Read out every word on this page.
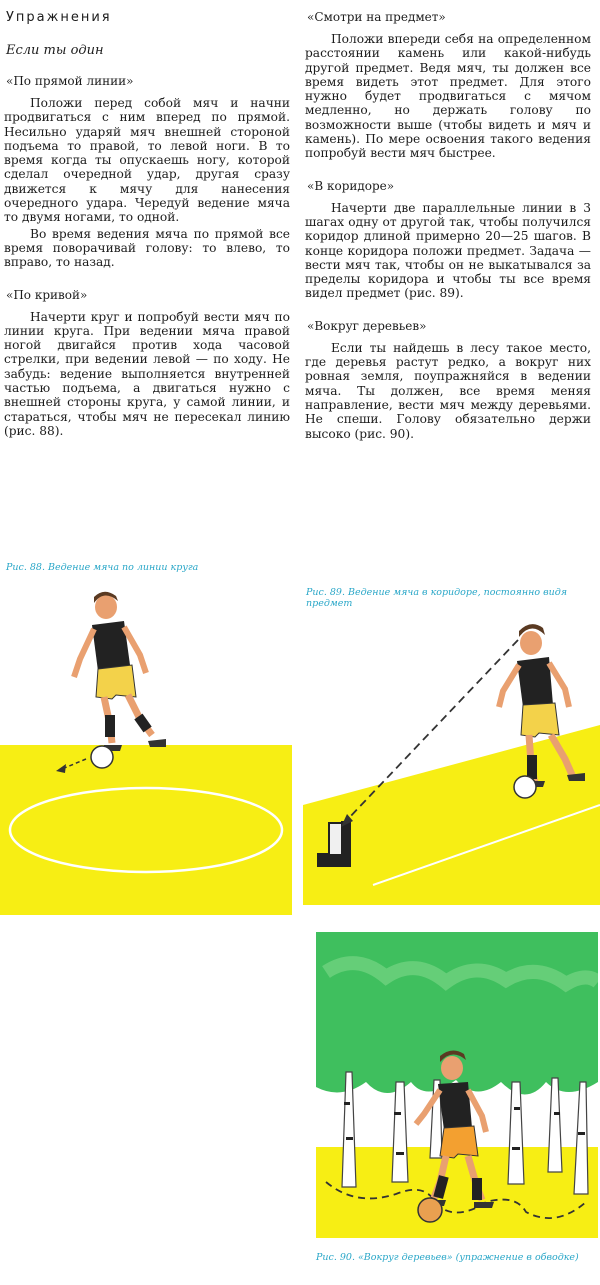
Упражнения
Если ты один
«По прямой линии»

Положи перед собой мяч и начни продвигаться с ним вперед по прямой. Несильно ударяй мяч внешней стороной подъема то правой, то левой ноги. В то время когда ты опускаешь ногу, которой сделал очередной удар, другая сразу движется к мячу для нанесения очередного удара. Чередуй ведение мяча то двумя ногами, то одной.

Во время ведения мяча по прямой все время поворачивай голову: то влево, то вправо, то назад.

«По кривой»

Начерти круг и попробуй вести мяч по линии круга. При ведении мяча правой ногой двигайся против хода часовой стрелки, при ведении левой — по ходу. Не забудь: ведение выполняется внутренней частью подъема, а двигаться нужно с внешней стороны круга, у самой линии, и стараться, чтобы мяч не пересекал линию (рис. 88).

«Смотри на предмет»

Положи впереди себя на определенном расстоянии камень или какой-нибудь другой предмет. Ведя мяч, ты должен все время видеть этот предмет. Для этого нужно будет продвигаться с мячом медленно, но держать голову по возможности выше (чтобы видеть и мяч и камень). По мере освоения такого ведения попробуй вести мяч быстрее.

«В коридоре»

Начерти две параллельные линии в 3 шагах одну от другой так, чтобы получился коридор длиной примерно 20—25 шагов. В конце коридора положи предмет. Задача — вести мяч так, чтобы он не выкатывался за пределы коридора и чтобы ты все время видел предмет (рис. 89).

«Вокруг деревьев»

Если ты найдешь в лесу такое место, где деревья растут редко, а вокруг них ровная земля, поупражняйся в ведении мяча. Ты должен, все время меняя направление, вести мяч между деревьями. Не спеши. Голову обязательно держи высоко (рис. 90).

Рис. 88. Ведение мяча по линии круга
Рис. 89. Ведение мяча в коридоре, постоянно видя предмет
Рис. 90. «Вокруг деревьев» (упражнение в обводке)
